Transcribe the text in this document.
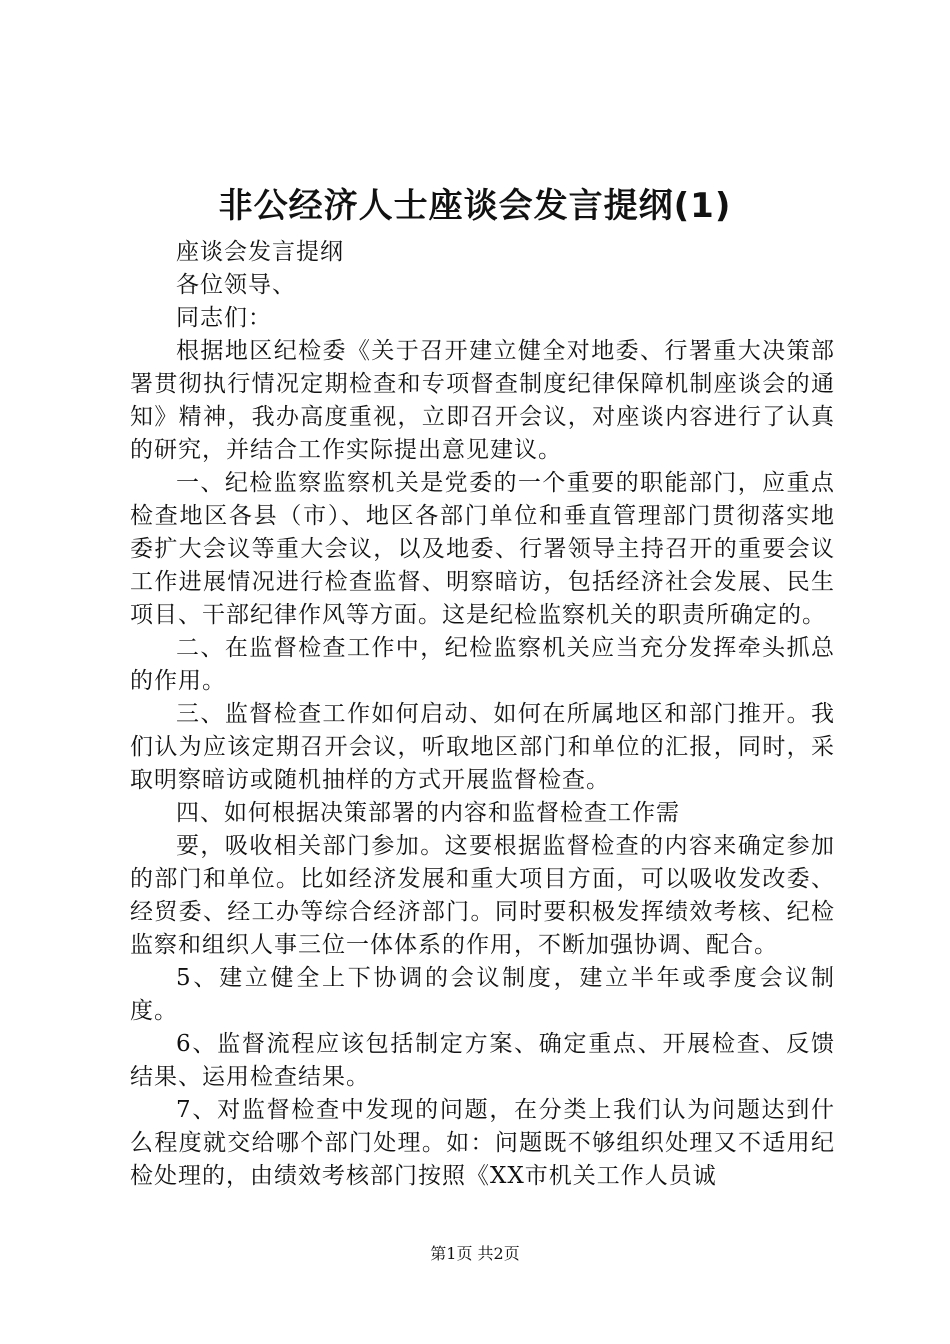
非公经济人士座谈会发言提纲(1)

座谈会发言提纲

各位领导、

同志们：

根据地区纪检委《关于召开建立健全对地委、行署重大决策部署贯彻执行情况定期检查和专项督查制度纪律保障机制座谈会的通知》精神，我办高度重视，立即召开会议，对座谈内容进行了认真的研究，并结合工作实际提出意见建议。

一、纪检监察监察机关是党委的一个重要的职能部门，应重点检查地区各县（市）、地区各部门单位和垂直管理部门贯彻落实地委扩大会议等重大会议，以及地委、行署领导主持召开的重要会议工作进展情况进行检查监督、明察暗访，包括经济社会发展、民生项目、干部纪律作风等方面。这是纪检监察机关的职责所确定的。

二、在监督检查工作中，纪检监察机关应当充分发挥牵头抓总的作用。

三、监督检查工作如何启动、如何在所属地区和部门推开。我们认为应该定期召开会议，听取地区部门和单位的汇报，同时，采取明察暗访或随机抽样的方式开展监督检查。

四、如何根据决策部署的内容和监督检查工作需

要，吸收相关部门参加。这要根据监督检查的内容来确定参加的部门和单位。比如经济发展和重大项目方面，可以吸收发改委、经贸委、经工办等综合经济部门。同时要积极发挥绩效考核、纪检监察和组织人事三位一体体系的作用，不断加强协调、配合。

5、建立健全上下协调的会议制度，建立半年或季度会议制度。

6、监督流程应该包括制定方案、确定重点、开展检查、反馈结果、运用检查结果。

7、对监督检查中发现的问题，在分类上我们认为问题达到什么程度就交给哪个部门处理。如：问题既不够组织处理又不适用纪检处理的，由绩效考核部门按照《XX市机关工作人员诚

第1页 共2页
